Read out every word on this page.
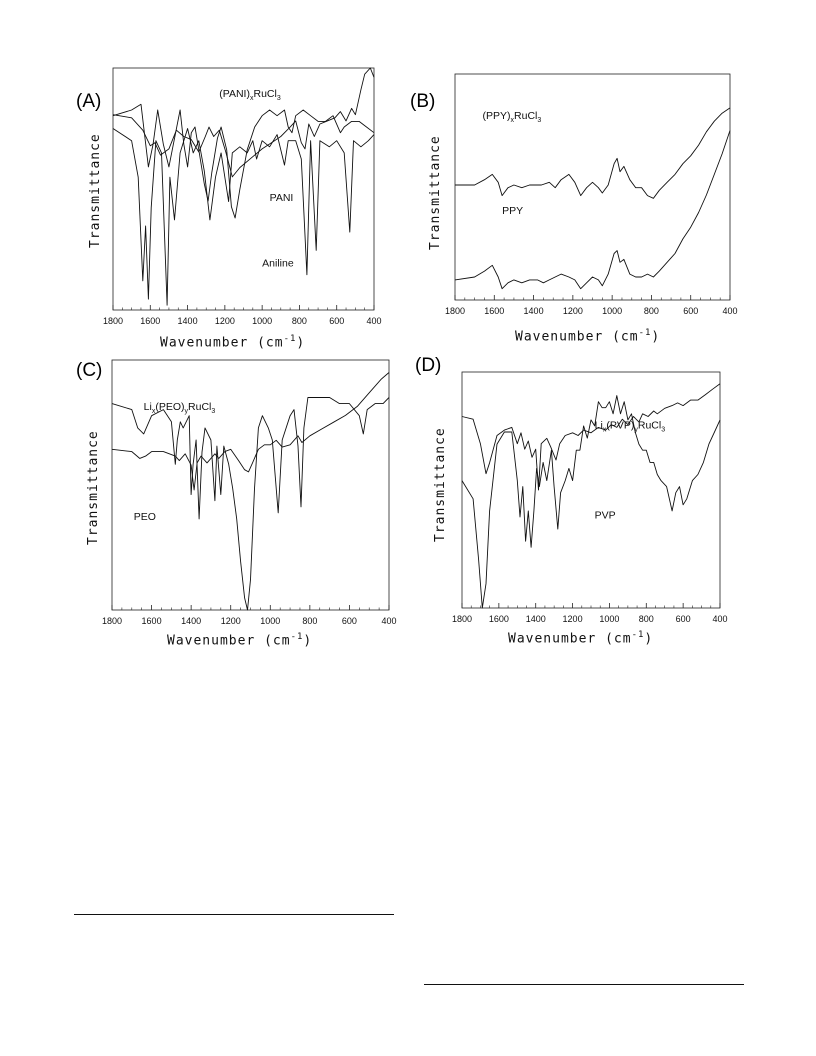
(A)
Transmittance
1800 1600 1400 1200 1000 800 600 400
$(PANI)_xRuCl_3$
PANI
Aniline
Wavenumber $(cm^{-1})$
(B)
Transmittance
1800 1600 1400 1200 1000 800	600	400
$(PPY)_xRuCl_3$
PPY
Wavenumber $(cm^{-1})$
(C)
Transmittance
1800 1600 1400 1200 1000 800	600	400
$Li_x(PEO)_yRuCl_3$
PEO
Wavenumber $(cm^{-1})$
(D)
Transmittance
1800 1600 1400 1200 1000 800 600 400
$Li_x(PVP)_yRuCl_3$
PVP
Wavenumber $(cm^{-1})$
